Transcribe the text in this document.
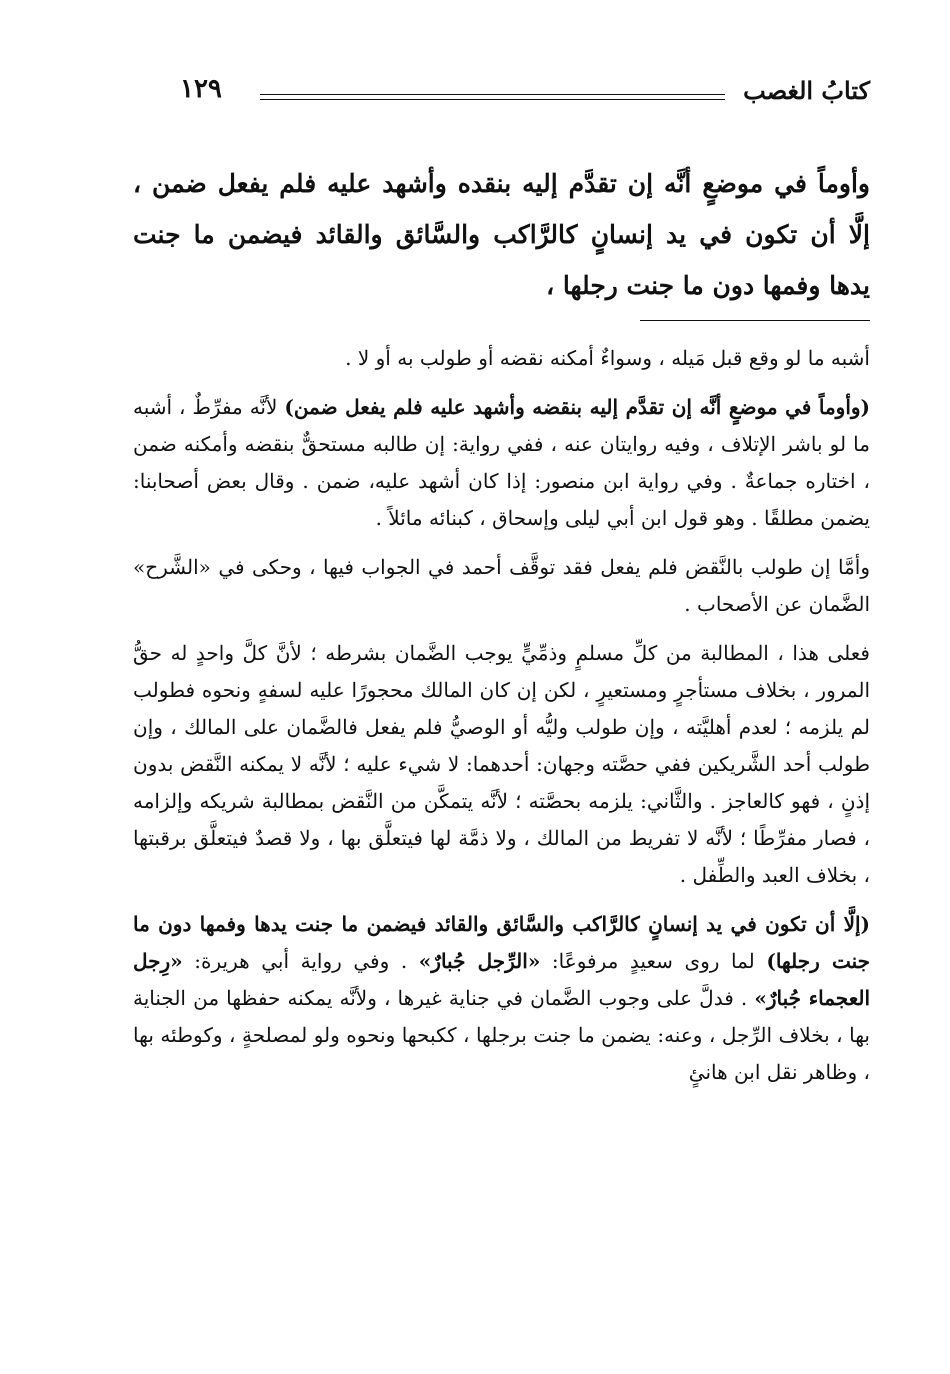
كتابُ الغصب
١٢٩
وأوماً في موضعٍ أنَّه إن تقدَّم إليه بنقده وأشهد عليه فلم يفعل ضمن ، إلَّا أن تكون في يد إنسانٍ كالرَّاكب والسَّائق والقائد فيضمن ما جنت يدها وفمها دون ما جنت رجلها ،

أشبه ما لو وقع قبل مَيله ، وسواءٌ أمكنه نقضه أو طولب به أو لا .

(وأوماً في موضعٍ أنَّه إن تقدَّم إليه بنقضه وأشهد عليه فلم يفعل ضمن) لأنَّه مفرِّطٌ ، أشبه ما لو باشر الإتلاف ، وفيه روايتان عنه ، ففي رواية: إن طالبه مستحقٌّ بنقضه وأمكنه ضمن ، اختاره جماعةٌ . وفي رواية ابن منصور: إذا كان أشهد عليه، ضمن . وقال بعض أصحابنا: يضمن مطلقًا . وهو قول ابن أبي ليلى وإسحاق ، كبنائه مائلاً .

وأمَّا إن طولب بالنَّقض فلم يفعل فقد توقَّف أحمد في الجواب فيها ، وحكى في «الشَّرح» الضَّمان عن الأصحاب .

فعلى هذا ، المطالبة من كلِّ مسلمٍ وذمِّيٍّ يوجب الضَّمان بشرطه ؛ لأنَّ كلَّ واحدٍ له حقُّ المرور ، بخلاف مستأجرٍ ومستعيرٍ ، لكن إن كان المالك محجورًا عليه لسفهٍ ونحوه فطولب لم يلزمه ؛ لعدم أهليَّته ، وإن طولب وليُّه أو الوصيُّ فلم يفعل فالضَّمان على المالك ، وإن طولب أحد الشَّريكين ففي حصَّته وجهان: أحدهما: لا شيء عليه ؛ لأنَّه لا يمكنه النَّقض بدون إذنٍ ، فهو كالعاجز . والثَّاني: يلزمه بحصَّته ؛ لأنَّه يتمكَّن من النَّقض بمطالبة شريكه وإلزامه ، فصار مفرِّطًا ؛ لأنَّه لا تفريط من المالك ، ولا ذمَّة لها فيتعلَّق بها ، ولا قصدٌ فيتعلَّق برقبتها ، بخلاف العبد والطِّفل .

(إلَّا أن تكون في يد إنسانٍ كالرَّاكب والسَّائق والقائد فيضمن ما جنت يدها وفمها دون ما جنت رجلها) لما روى سعيدٍ مرفوعًا: «الرِّجل جُبارٌ» . وفي رواية أبي هريرة: «رِجل العجماء جُبارٌ» . فدلَّ على وجوب الضَّمان في جناية غيرها ، ولأنَّه يمكنه حفظها من الجناية بها ، بخلاف الرِّجل ، وعنه: يضمن ما جنت برجلها ، ككبحها ونحوه ولو لمصلحةٍ ، وكوطئه بها ، وظاهر نقل ابن هانئٍ
